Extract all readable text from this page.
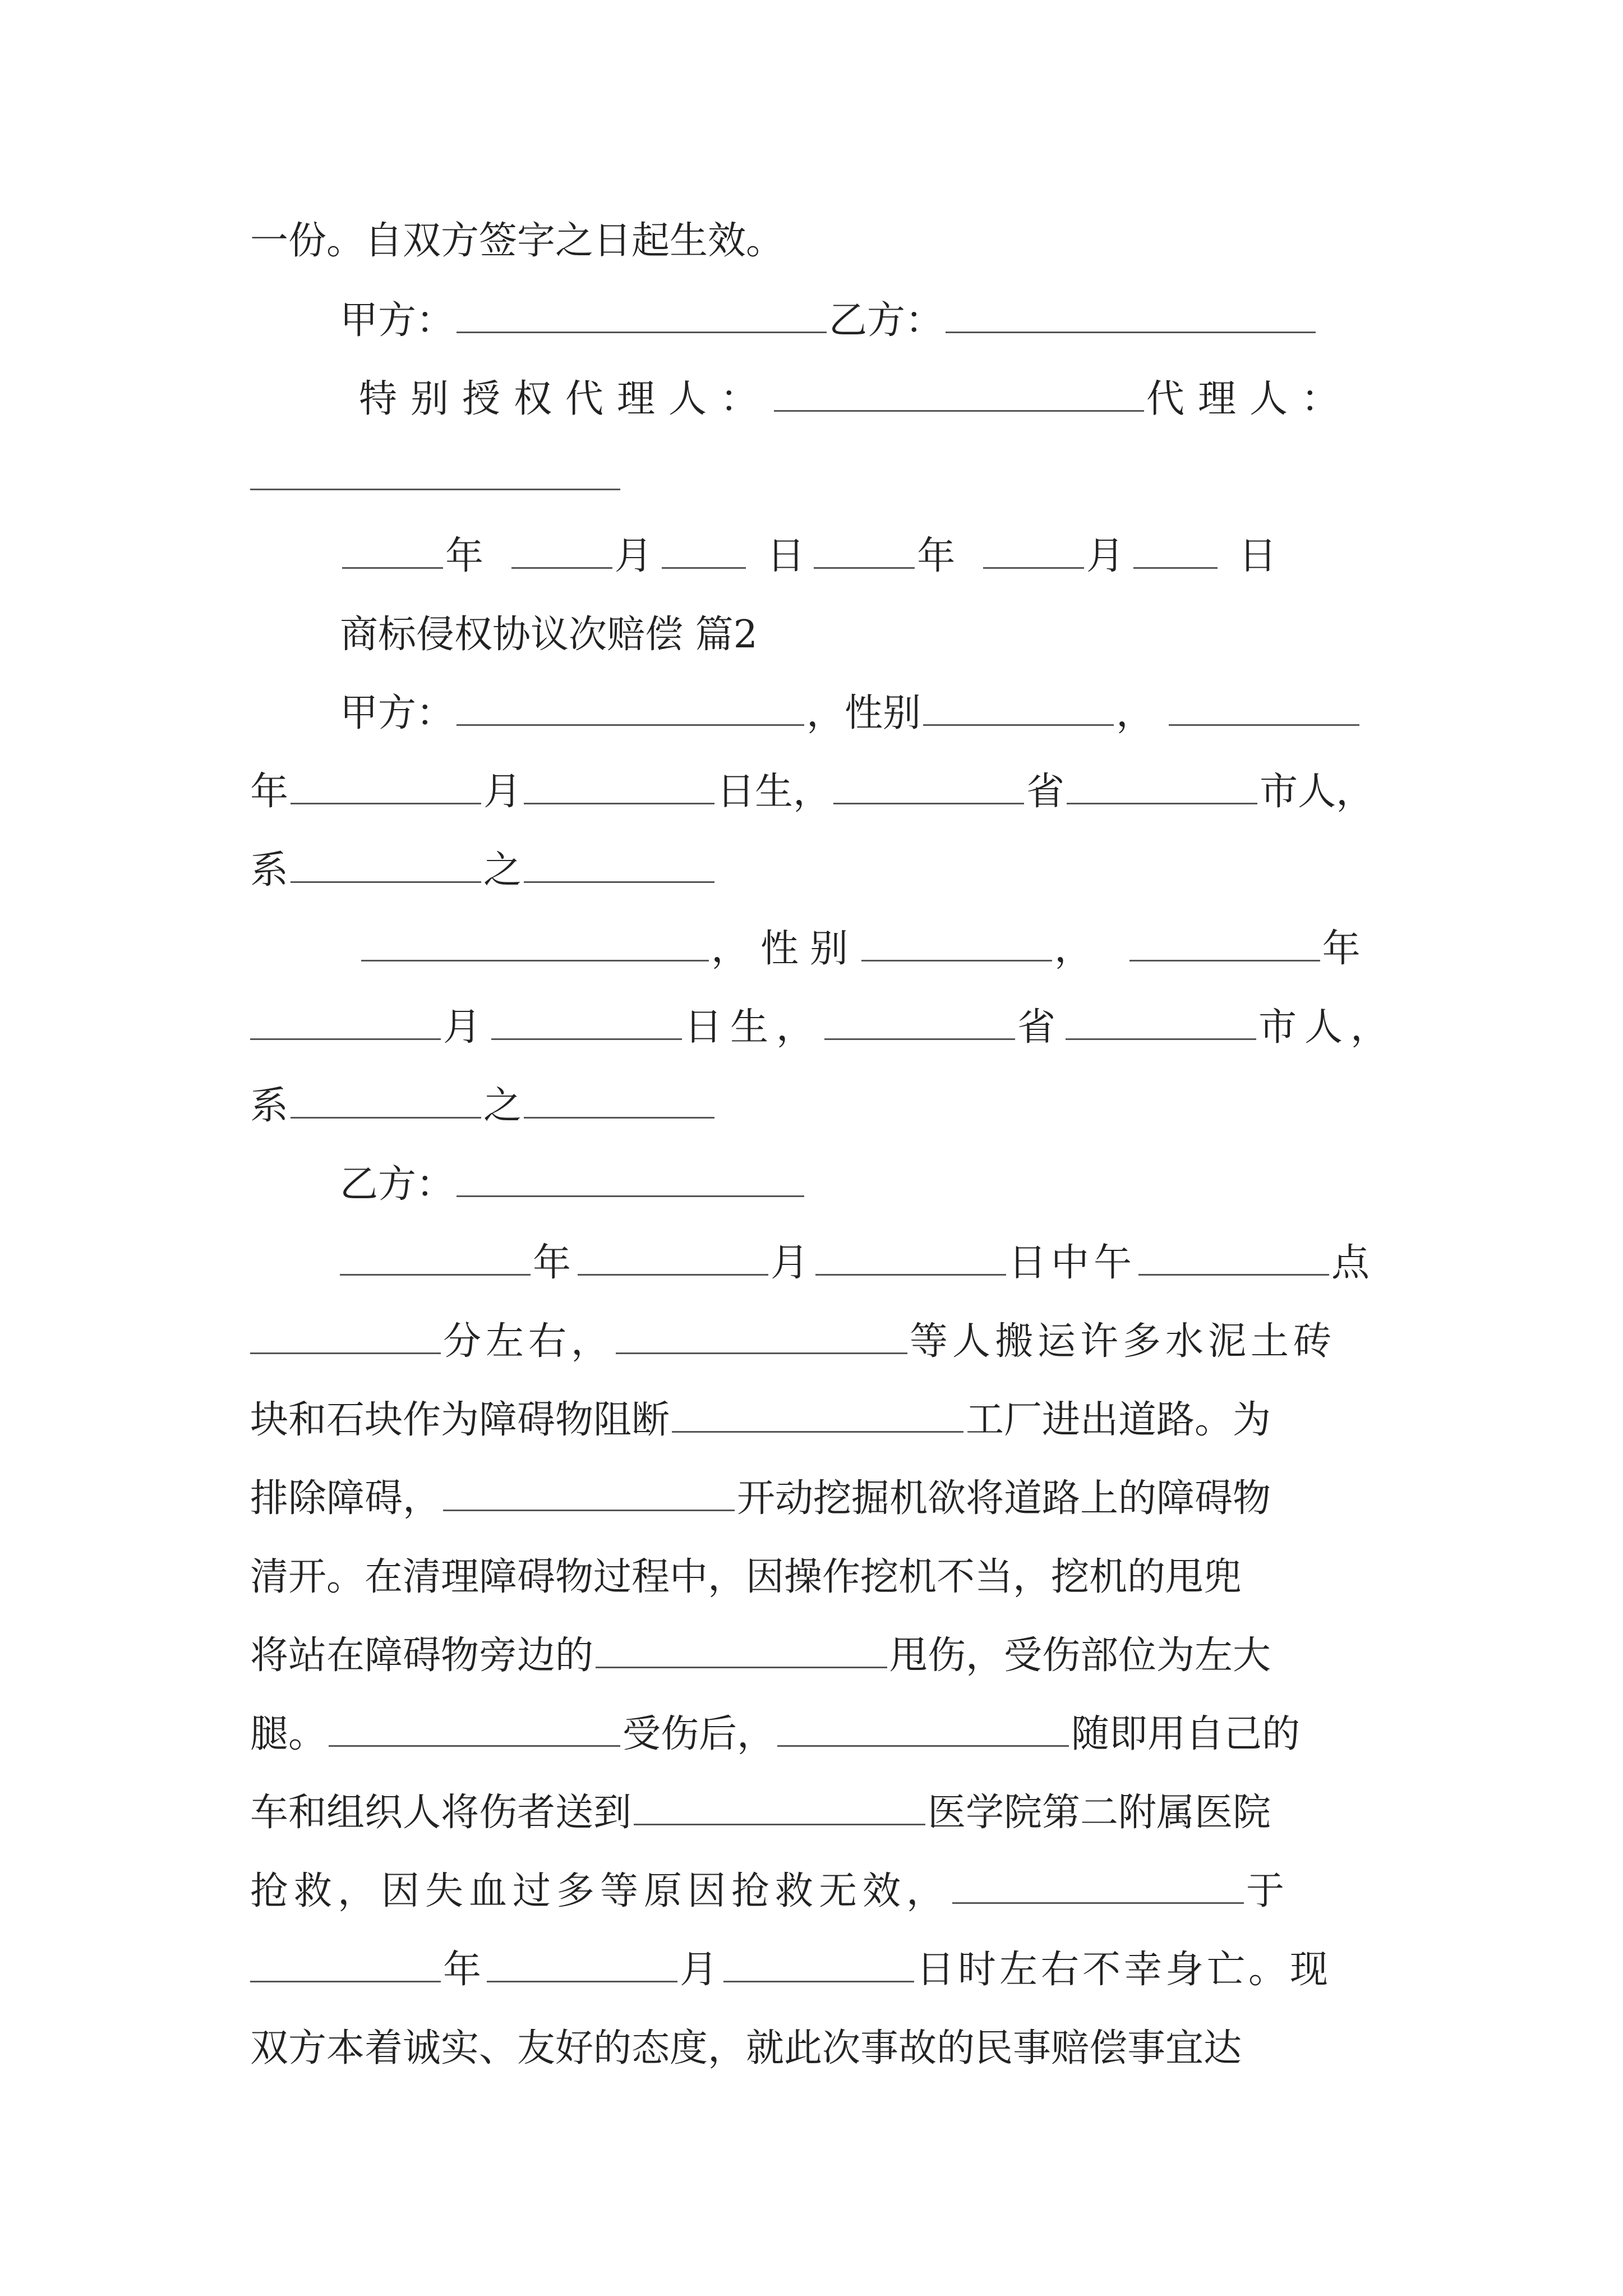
一份。自双方签字之日起生效。
甲方：	乙方：
特别授权代理人：	代理人：
年	月	日	年	月	日
商标侵权协议次赔偿 篇2
甲方：	，性别	，
年	月	日生，	省	市人，
系	之
，性别	，	年
月	日生，	省	市人，
系	之
乙方：
年	月	日中午	点
分左右，	等人搬运许多水泥土砖
块和石块作为障碍物阻断	工厂进出道路。为
排除障碍，	开动挖掘机欲将道路上的障碍物
清开。在清理障碍物过程中，因操作挖机不当，挖机的甩兜
将站在障碍物旁边的	甩伤，受伤部位为左大
腿。	受伤后，	随即用自己的
车和组织人将伤者送到	医学院第二附属医院
抢救，因失血过多等原因抢救无效，	于
年	月	日时左右不幸身亡。现
双方本着诚实、友好的态度，就此次事故的民事赔偿事宜达
